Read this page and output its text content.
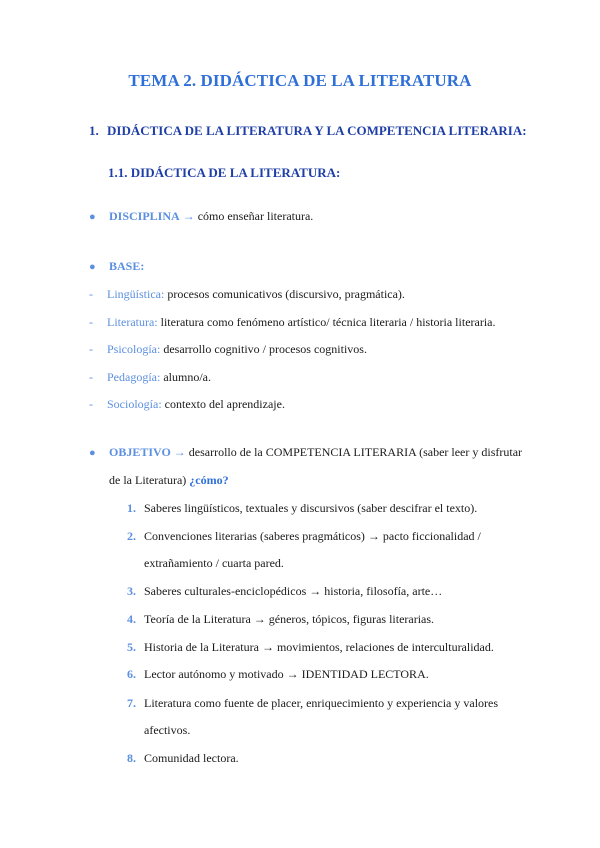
TEMA 2. DIDÁCTICA DE LA LITERATURA
1. DIDÁCTICA DE LA LITERATURA Y LA COMPETENCIA LITERARIA:
1.1. DIDÁCTICA DE LA LITERATURA:
● DISCIPLINA → cómo enseñar literatura.
● BASE:
- Lingüística: procesos comunicativos (discursivo, pragmática).
- Literatura: literatura como fenómeno artístico/ técnica literaria / historia literaria.
- Psicología: desarrollo cognitivo / procesos cognitivos.
- Pedagogía: alumno/a.
- Sociología: contexto del aprendizaje.
● OBJETIVO → desarrollo de la COMPETENCIA LITERARIA (saber leer y disfrutar
de la Literatura) ¿cómo?
1. Saberes lingüísticos, textuales y discursivos (saber descifrar el texto).
2. Convenciones literarias (saberes pragmáticos) → pacto ficcionalidad /
extrañamiento / cuarta pared.
3. Saberes culturales-enciclopédicos → historia, filosofía, arte…
4. Teoría de la Literatura → géneros, tópicos, figuras literarias.
5. Historia de la Literatura → movimientos, relaciones de interculturalidad.
6. Lector autónomo y motivado → IDENTIDAD LECTORA.
7. Literatura como fuente de placer, enriquecimiento y experiencia y valores
afectivos.
8. Comunidad lectora.
